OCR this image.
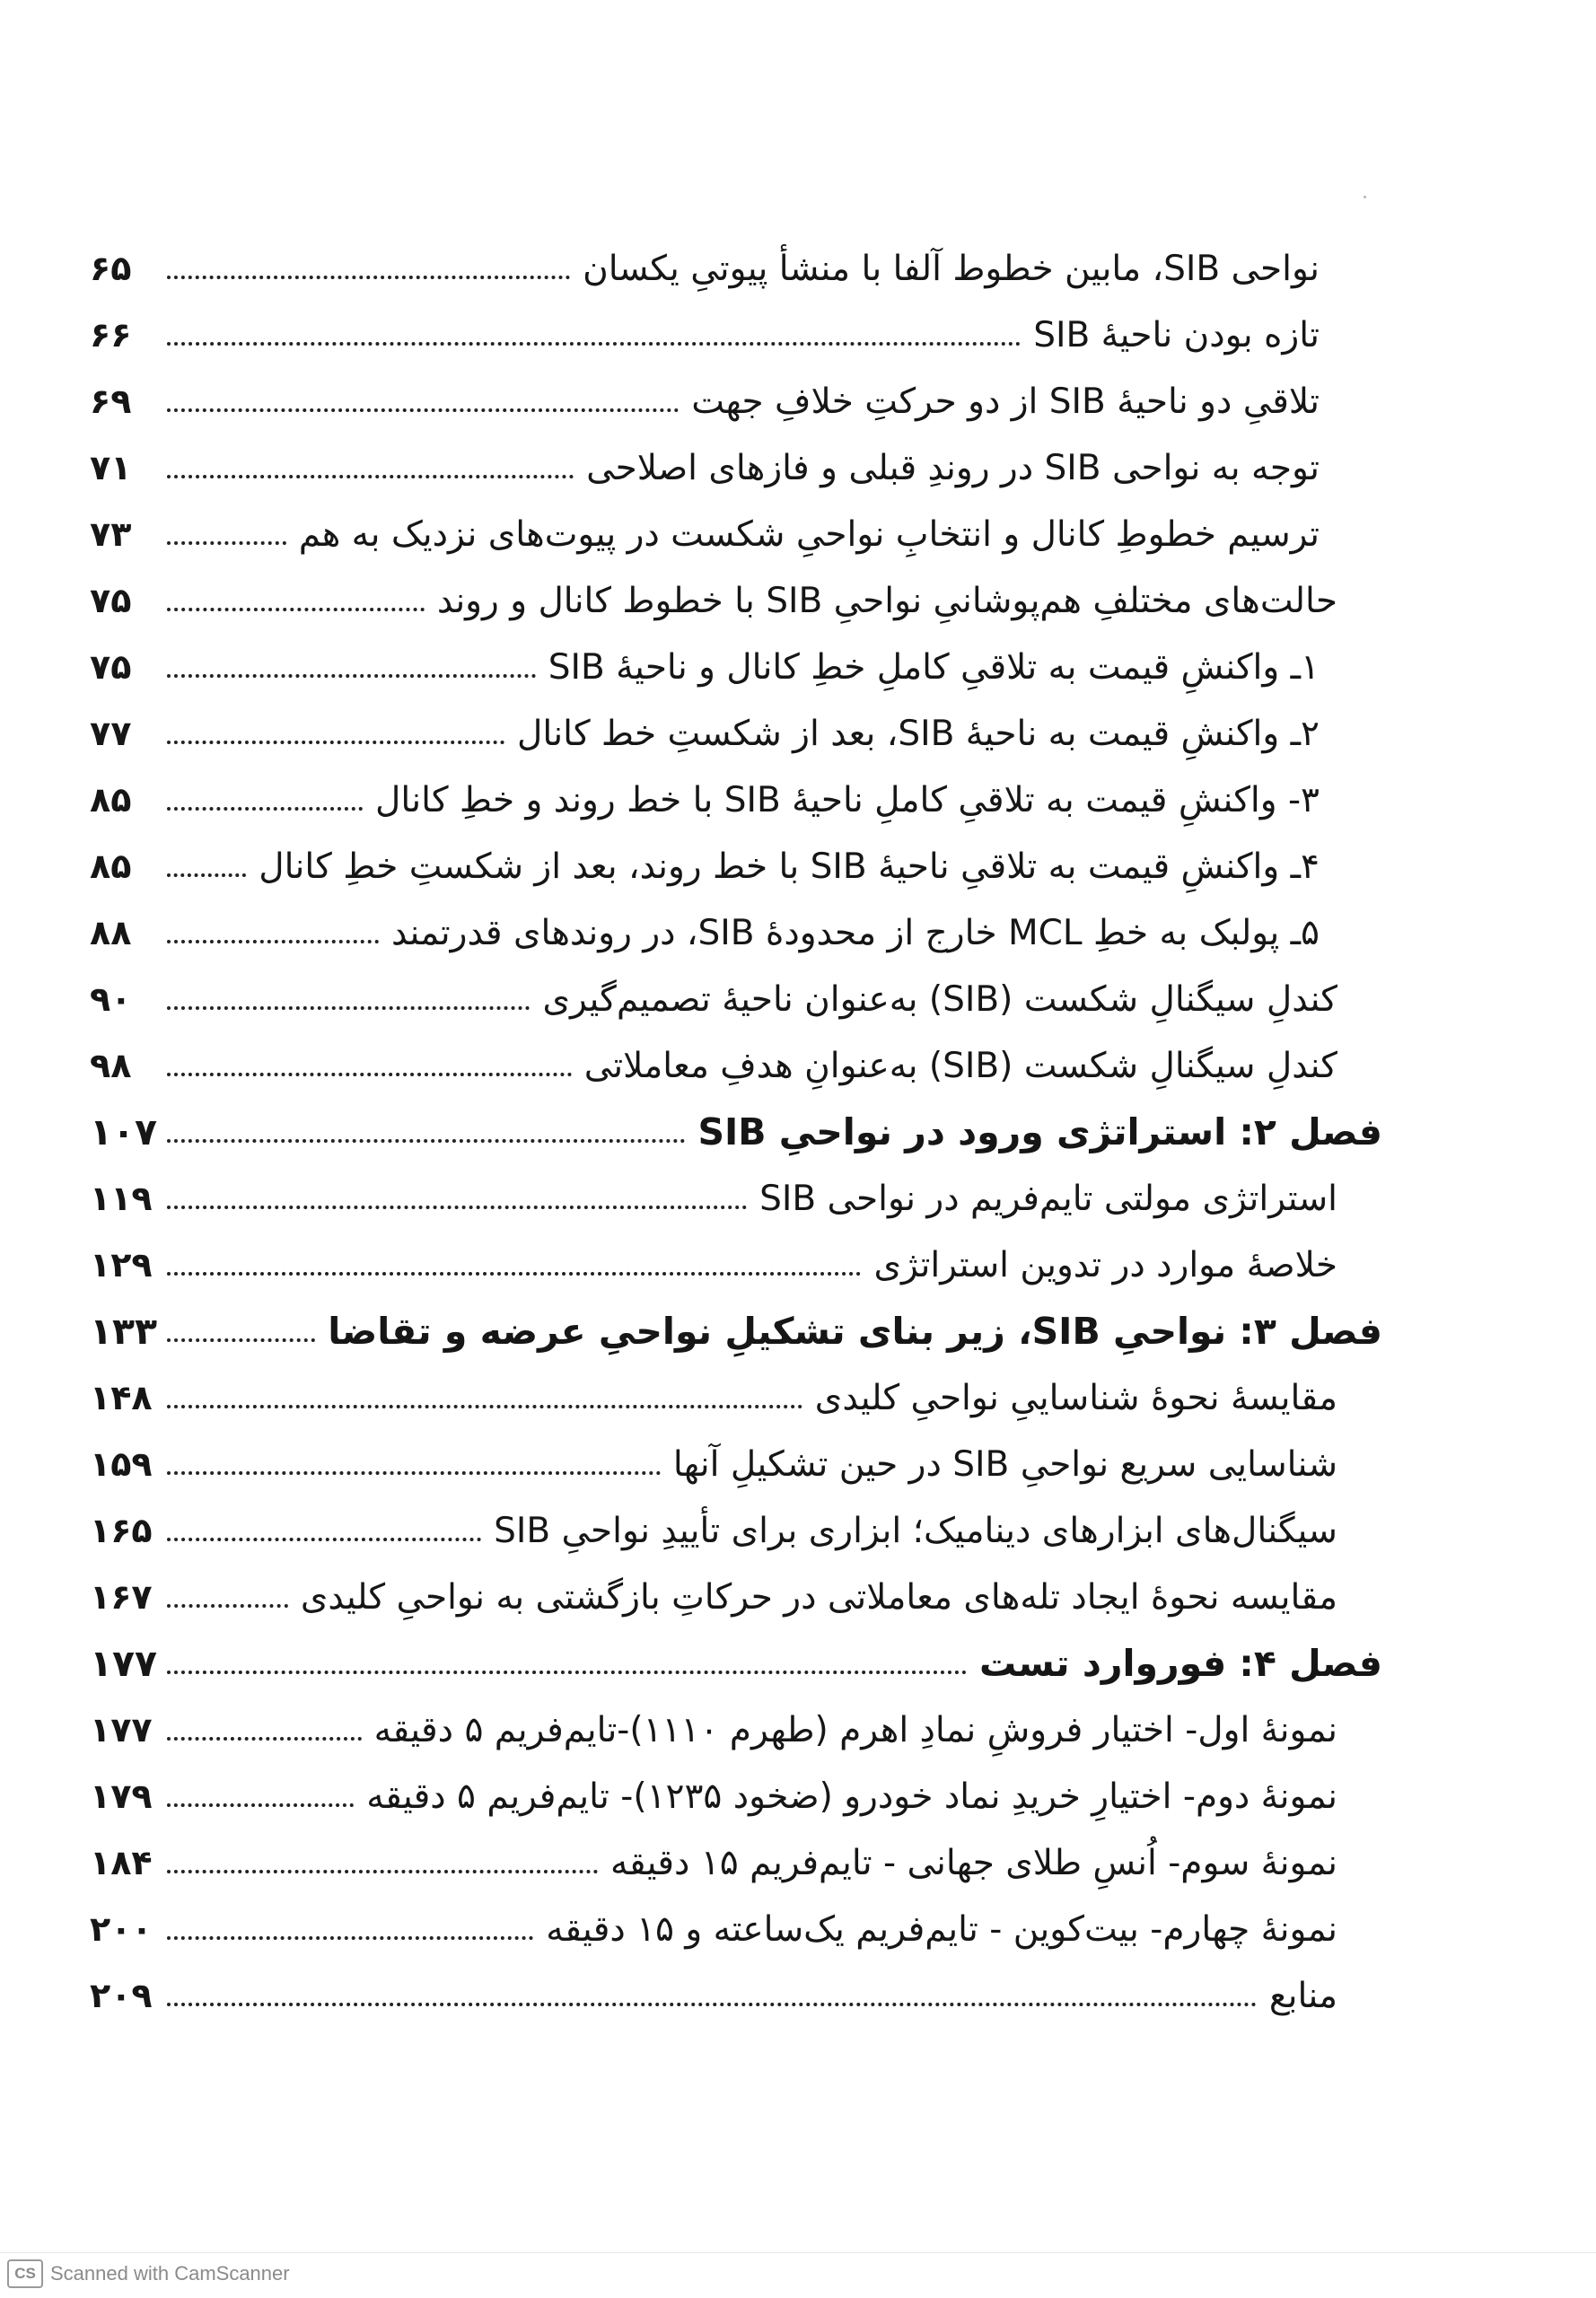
نواحی SIB، مابین خطوط آلفا با منشأ پیوتیِ یکسان
۶۵
تازه بودن ناحیۀ SIB
۶۶
تلاقیِ دو ناحیۀ SIB از دو حرکتِ خلافِ جهت
۶۹
توجه به نواحی SIB در روندِ قبلی و فازهای اصلاحی
۷۱
ترسیم خطوطِ کانال و انتخابِ نواحیِ شکست در پیوت‌های نزدیک به هم
۷۳
حالت‌های مختلفِ هم‌پوشانیِ نواحیِ SIB با خطوط کانال و روند
۷۵
۱ـ واکنشِ قیمت به تلاقیِ کاملِ خطِ کانال و ناحیۀ SIB
۷۵
۲ـ واکنشِ قیمت به ناحیۀ SIB، بعد از شکستِ خط کانال
۷۷
۳- واکنشِ قیمت به تلاقیِ کاملِ ناحیۀ SIB با خط روند و خطِ کانال
۸۵
۴ـ واکنشِ قیمت به تلاقیِ ناحیۀ SIB با خط روند، بعد از شکستِ خطِ کانال
۸۵
۵ـ پولبک به خطِ MCL خارج از محدودۀ SIB، در روندهای قدرتمند
۸۸
کندلِ سیگنالِ شکست (SIB) به‌عنوان ناحیۀ تصمیم‌گیری
۹۰
کندلِ سیگنالِ شکست (SIB) به‌عنوانِ هدفِ معاملاتی
۹۸
فصل ۲: استراتژی ورود در نواحیِ SIB
۱۰۷
استراتژی مولتی تایم‌فریم در نواحی SIB
۱۱۹
خلاصۀ موارد در تدوین استراتژی
۱۲۹
فصل ۳: نواحیِ SIB، زیر بنای تشکیلِ نواحیِ عرضه و تقاضا
۱۳۳
مقایسۀ نحوۀ شناساییِ نواحیِ کلیدی
۱۴۸
شناسایی سریع نواحیِ SIB در حین تشکیلِ آنها
۱۵۹
سیگنال‌های ابزارهای دینامیک؛ ابزاری برای تأییدِ نواحیِ SIB
۱۶۵
مقایسه نحوۀ ایجاد تله‌های معاملاتی در حرکاتِ بازگشتی به نواحیِ کلیدی
۱۶۷
فصل ۴: فوروارد تست
۱۷۷
نمونۀ اول- اختیار فروشِ نمادِ اهرم (طهرم ۱۱۱۰)-تایم‌فریم ۵ دقیقه
۱۷۷
نمونۀ دوم- اختیارِ خریدِ نماد خودرو (ضخود ۱۲۳۵)- تایم‌فریم ۵ دقیقه
۱۷۹
نمونۀ سوم- اُنسِ طلای جهانی - تایم‌فریم ۱۵ دقیقه
۱۸۴
نمونۀ چهارم- بیت‌کوین - تایم‌فریم یک‌ساعته و ۱۵ دقیقه
۲۰۰
منابع
۲۰۹
CS Scanned with CamScanner
